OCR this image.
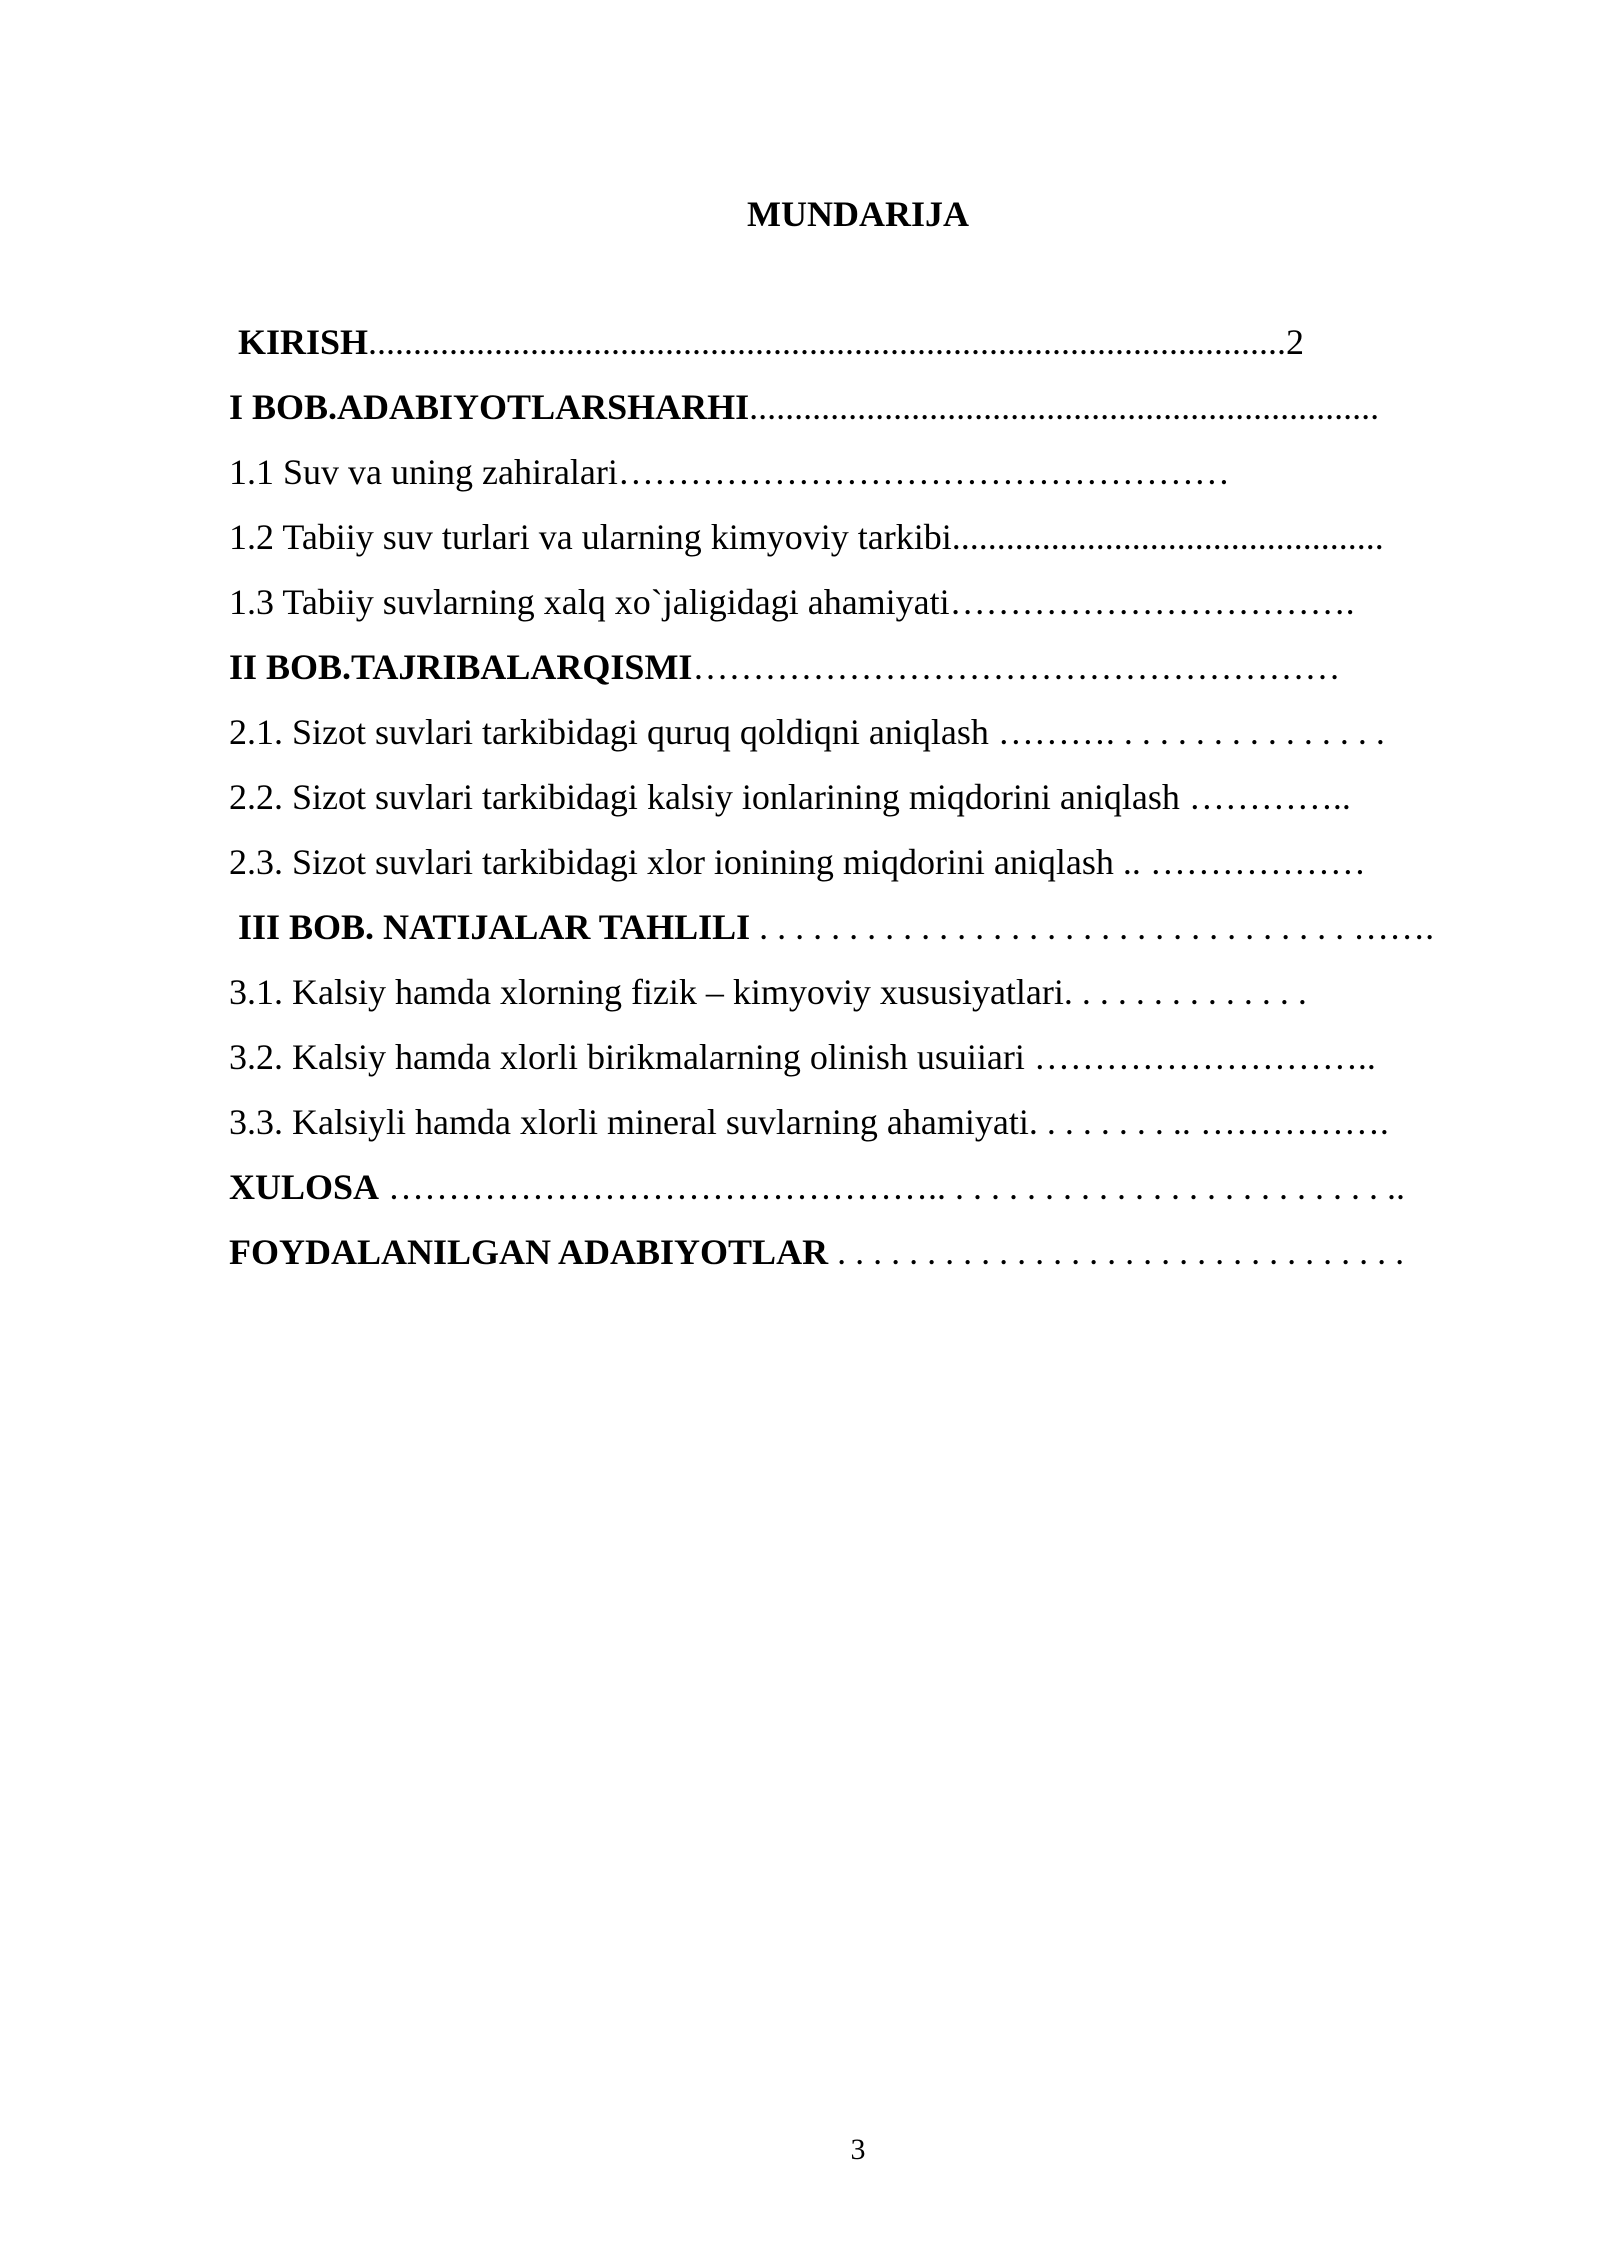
MUNDARIJA
KIRISH......................................................................................................2
I BOB.ADABIYOTLARSHARHI......................................................................
1.1 Suv va uning zahiralari……………………………………………
1.2 Tabiiy suv turlari va ularning kimyoviy tarkibi................................................
1.3 Tabiiy suvlarning xalq xo`jaligidagi ahamiyati…………………………….
II BOB.TAJRIBALARQISMI………………………………………………
2.1. Sizot suvlari tarkibidagi quruq qoldiqni aniqlash ………. . . . . . . . . . . . . . . .
2.2. Sizot suvlari tarkibidagi kalsiy ionlarining miqdorini aniqlash …………..
2.3. Sizot suvlari tarkibidagi xlor ionining miqdorini aniqlash .. ………………
III BOB. NATIJALAR TAHLILI . . . . . . . . . . . . . . . . . . . . . . . . . . . . . . . . . …….
3.1. Kalsiy hamda xlorning fizik – kimyoviy xususiyatlari. . . . . . . . . . . . . .
3.2. Kalsiy hamda xlorli birikmalarning olinish usuiiari ………………………..
3.3. Kalsiyli hamda xlorli mineral suvlarning ahamiyati. . . . . . . . .. …………….
XULOSA ……………………………………….. . . . . . . . . . . . . . . . . . . . . . . . . ..
FOYDALANILGAN ADABIYOTLAR . . . . . . . . . . . . . . . . . . . . . . . . . . . . . . . .
3
